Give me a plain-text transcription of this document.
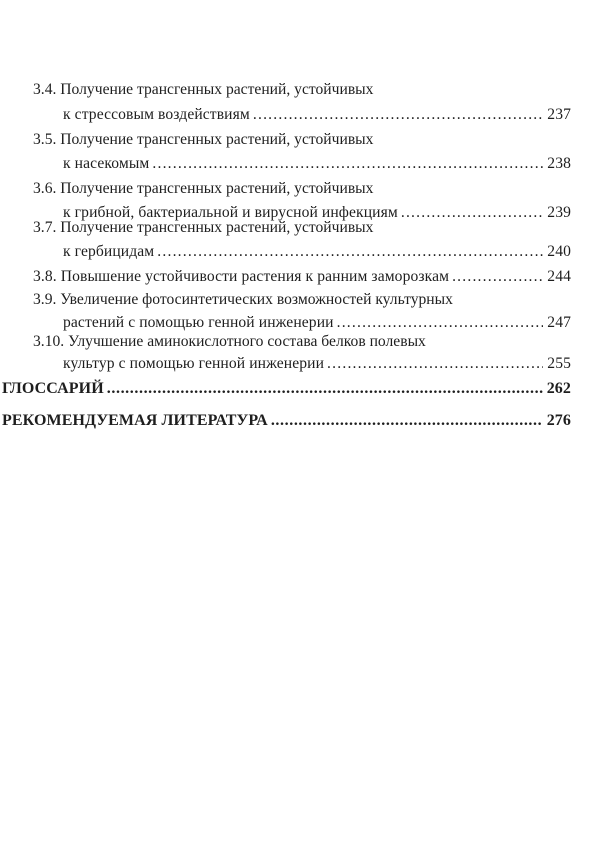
3.4. Получение трансгенных растений, устойчивых
к стрессовым воздействиям .....	237
3.5. Получение трансгенных растений, устойчивых
к насекомым .....	238
3.6. Получение трансгенных растений, устойчивых
к грибной, бактериальной и вирусной инфекциям .....	239
3.7. Получение трансгенных растений, устойчивых
к гербицидам .....	240
3.8. Повышение устойчивости растения к ранним заморозкам .....	244
3.9. Увеличение фотосинтетических возможностей культурных
растений с помощью генной инженерии .....	247
3.10. Улучшение аминокислотного состава белков полевых
культур с помощью генной инженерии .....	255
ГЛОССАРИЙ .....	262
РЕКОМЕНДУЕМАЯ ЛИТЕРАТУРА .....	276
